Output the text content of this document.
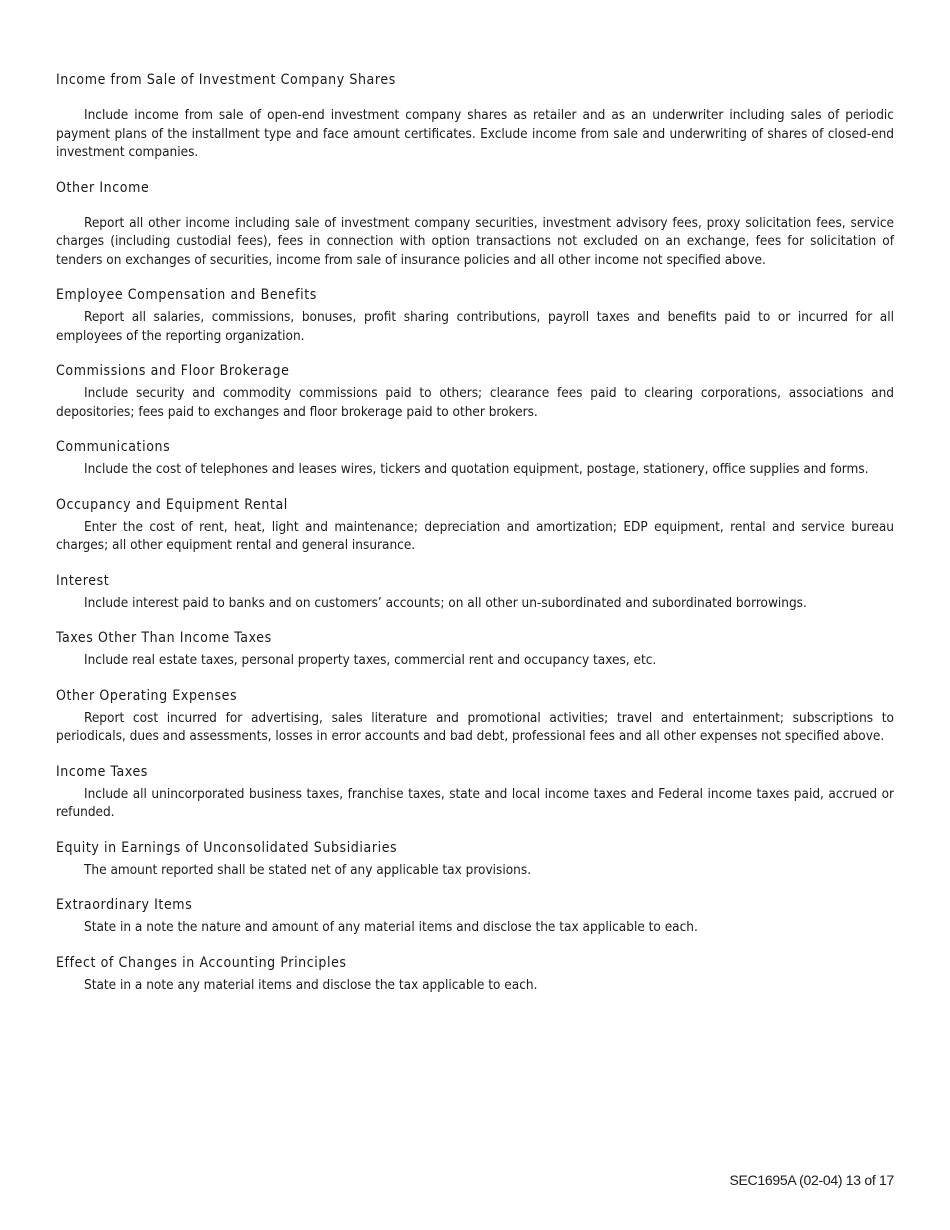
Income from Sale of Investment Company Shares

Include income from sale of open-end investment company shares as retailer and as an underwriter including sales of periodic payment plans of the installment type and face amount certificates. Exclude income from sale and underwriting of shares of closed-end investment companies.

Other Income

Report all other income including sale of investment company securities, investment advisory fees, proxy solicitation fees, service charges (including custodial fees), fees in connection with option transactions not excluded on an exchange, fees for solicitation of tenders on exchanges of securities, income from sale of insurance policies and all other income not specified above.

Employee Compensation and Benefits

Report all salaries, commissions, bonuses, profit sharing contributions, payroll taxes and benefits paid to or incurred for all employees of the reporting organization.

Commissions and Floor Brokerage

Include security and commodity commissions paid to others; clearance fees paid to clearing corporations, associations and depositories; fees paid to exchanges and floor brokerage paid to other brokers.

Communications

Include the cost of telephones and leases wires, tickers and quotation equipment, postage, stationery, office supplies and forms.

Occupancy and Equipment Rental

Enter the cost of rent, heat, light and maintenance; depreciation and amortization; EDP equipment, rental and service bureau charges; all other equipment rental and general insurance.

Interest

Include interest paid to banks and on customers’ accounts; on all other un-subordinated and subordinated borrowings.

Taxes Other Than Income Taxes

Include real estate taxes, personal property taxes, commercial rent and occupancy taxes, etc.

Other Operating Expenses

Report cost incurred for advertising, sales literature and promotional activities; travel and entertainment; subscriptions to periodicals, dues and assessments, losses in error accounts and bad debt, professional fees and all other expenses not specified above.

Income Taxes

Include all unincorporated business taxes, franchise taxes, state and local income taxes and Federal income taxes paid, accrued or refunded.

Equity in Earnings of Unconsolidated Subsidiaries

The amount reported shall be stated net of any applicable tax provisions.

Extraordinary Items

State in a note the nature and amount of any material items and disclose the tax applicable to each.

Effect of Changes in Accounting Principles

State in a note any material items and disclose the tax applicable to each.

SEC1695A (02-04) 13 of 17
